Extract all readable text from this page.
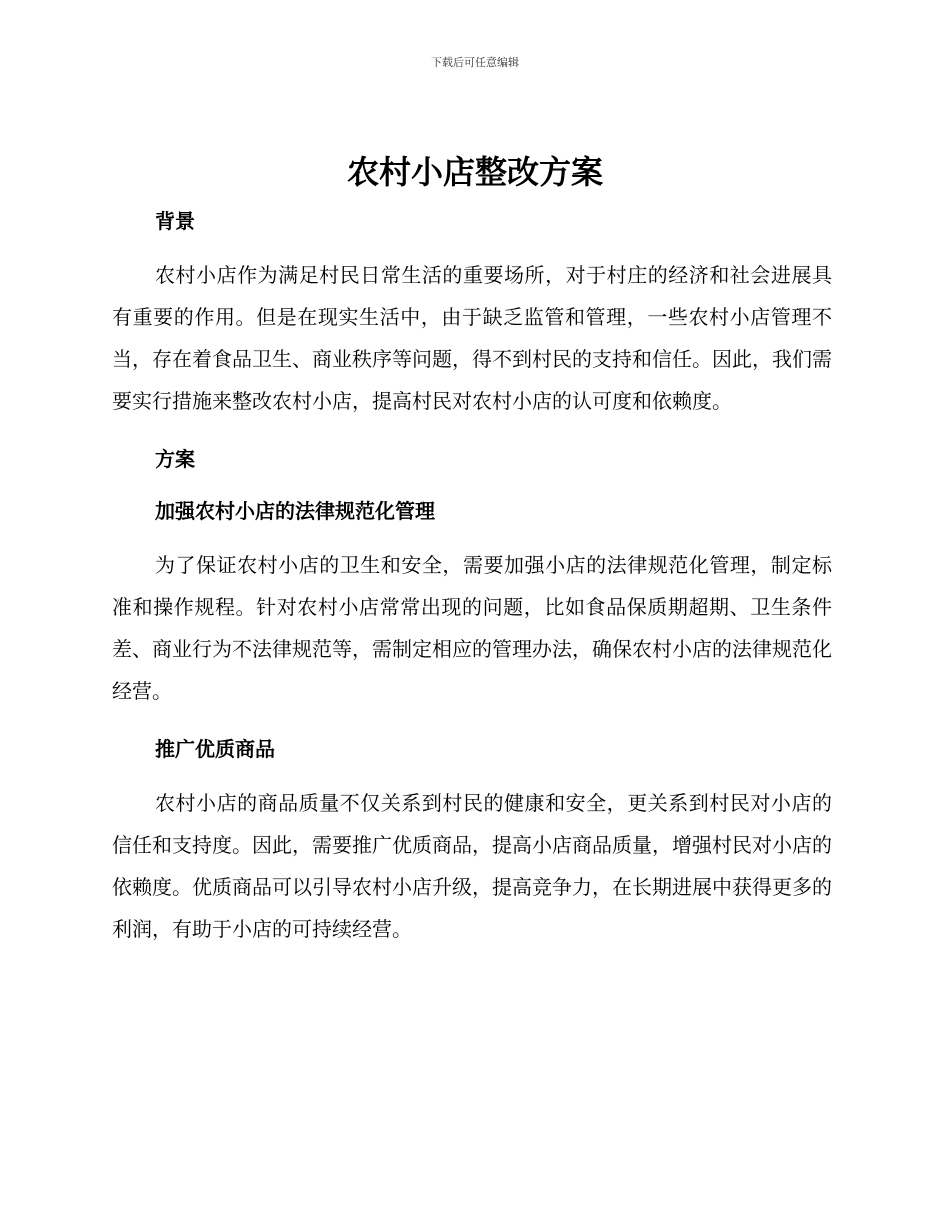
下载后可任意编辑
农村小店整改方案
背景

农村小店作为满足村民日常生活的重要场所，对于村庄的经济和社会进展具有重要的作用。但是在现实生活中，由于缺乏监管和管理，一些农村小店管理不当，存在着食品卫生、商业秩序等问题，得不到村民的支持和信任。因此，我们需要实行措施来整改农村小店，提高村民对农村小店的认可度和依赖度。

方案
加强农村小店的法律规范化管理

为了保证农村小店的卫生和安全，需要加强小店的法律规范化管理，制定标准和操作规程。针对农村小店常常出现的问题，比如食品保质期超期、卫生条件差、商业行为不法律规范等，需制定相应的管理办法，确保农村小店的法律规范化经营。

推广优质商品

农村小店的商品质量不仅关系到村民的健康和安全，更关系到村民对小店的信任和支持度。因此，需要推广优质商品，提高小店商品质量，增强村民对小店的依赖度。优质商品可以引导农村小店升级，提高竞争力，在长期进展中获得更多的利润，有助于小店的可持续经营。
